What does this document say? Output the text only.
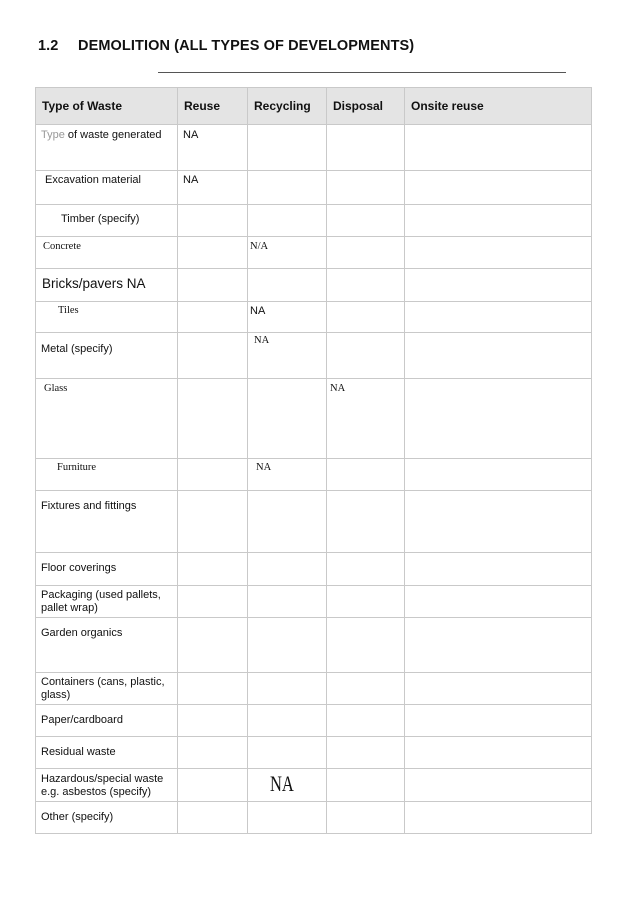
1.2 DEMOLITION (ALL TYPES OF DEVELOPMENTS)
Type of Waste	Reuse	Recycling	Disposal	Onsite reuse

Type of waste generated	NA			

Excavation material	NA			

Timber (specify)				

Concrete		N/A		

Bricks/pavers NA				

Tiles		NA		

Metal (specify)		NA		

Glass			NA	

Furniture		NA		

Fixtures and fittings				

Floor coverings				

Packaging (used pallets, pallet wrap)				

Garden organics				

Containers (cans, plastic, glass)				

Paper/cardboard				

Residual waste				

Hazardous/special waste e.g. asbestos (specify)		NA		

Other (specify)				
